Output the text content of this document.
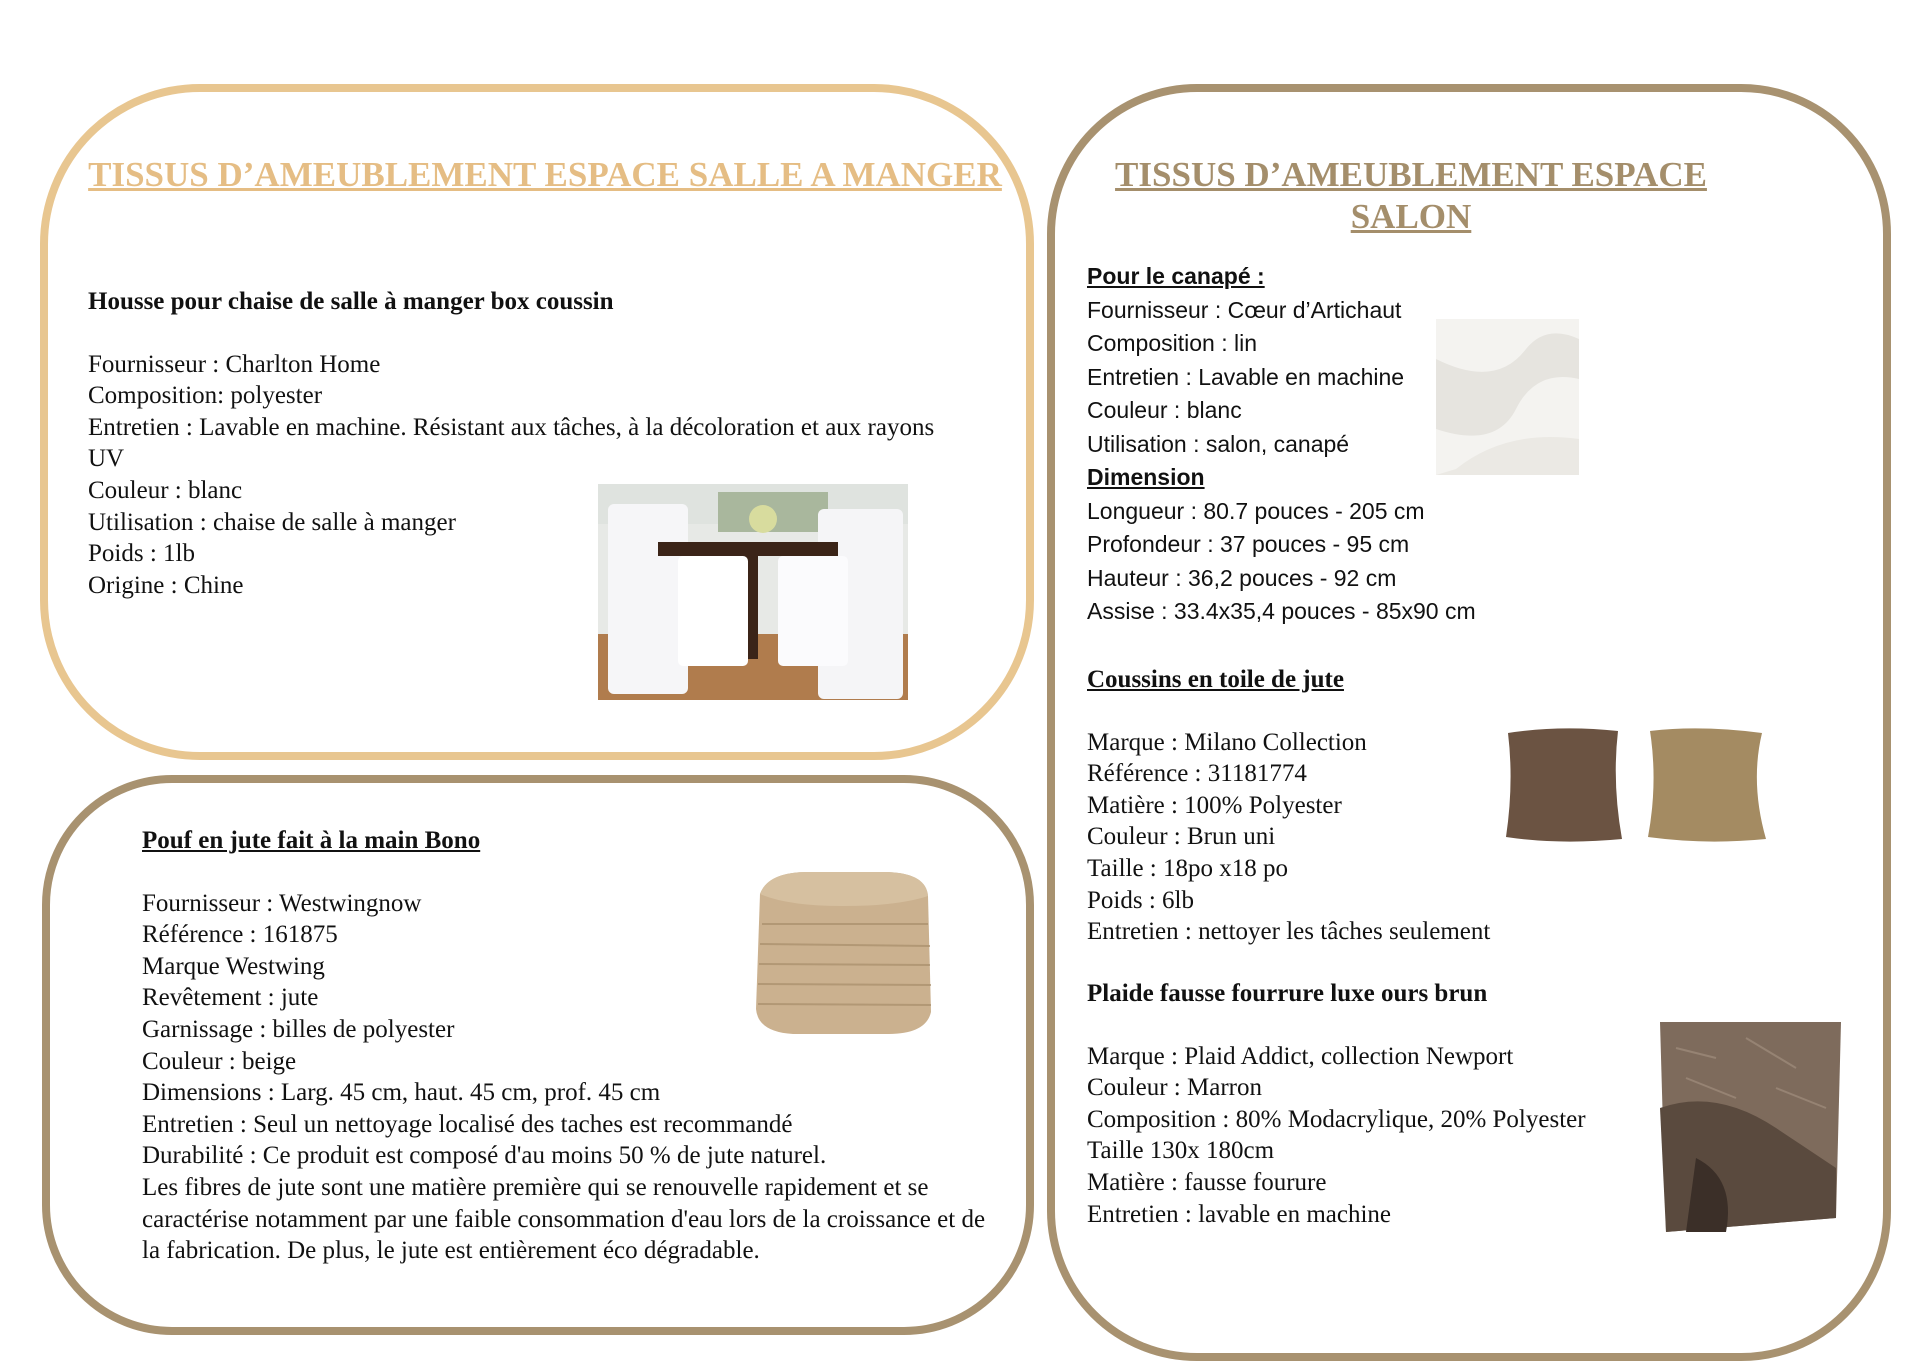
TISSUS D’AMEUBLEMENT ESPACE SALLE A MANGER

Housse pour chaise de salle à manger box coussin

Fournisseur : Charlton Home

Composition: polyester

Entretien : Lavable en machine. Résistant aux tâches, à la décoloration et aux rayons UV

Couleur : blanc

Utilisation : chaise de salle à manger

Poids : 1lb

Origine : Chine

Pouf en jute fait à la main Bono

Fournisseur : Westwingnow

Référence : 161875

Marque Westwing

Revêtement : jute

Garnissage : billes de polyester

Couleur : beige

Dimensions : Larg. 45 cm, haut. 45 cm, prof. 45 cm

Entretien : Seul un nettoyage localisé des taches est recommandé

Durabilité : Ce produit est composé d'au moins 50 % de jute naturel.

Les fibres de jute sont une matière première qui se renouvelle rapidement et se caractérise notamment par une faible consommation d'eau lors de la croissance et de la fabrication. De plus, le jute est entièrement éco dégradable.

TISSUS D’AMEUBLEMENT ESPACE SALON

Pour le canapé :

Fournisseur : Cœur d’Artichaut

Composition : lin

Entretien : Lavable en machine

Couleur : blanc

Utilisation : salon, canapé

Dimension

Longueur : 80.7 pouces - 205 cm

Profondeur : 37 pouces - 95 cm

Hauteur : 36,2 pouces - 92 cm

Assise : 33.4x35,4 pouces - 85x90 cm

Coussins en toile de jute

Marque : Milano Collection

Référence : 31181774

Matière : 100% Polyester

Couleur : Brun uni

Taille : 18po x18 po

Poids : 6lb

Entretien : nettoyer les tâches seulement

Plaide fausse fourrure luxe ours brun

Marque : Plaid Addict, collection Newport

Couleur : Marron

Composition : 80% Modacrylique, 20% Polyester

Taille 130x 180cm

Matière : fausse fourure

Entretien : lavable en machine
